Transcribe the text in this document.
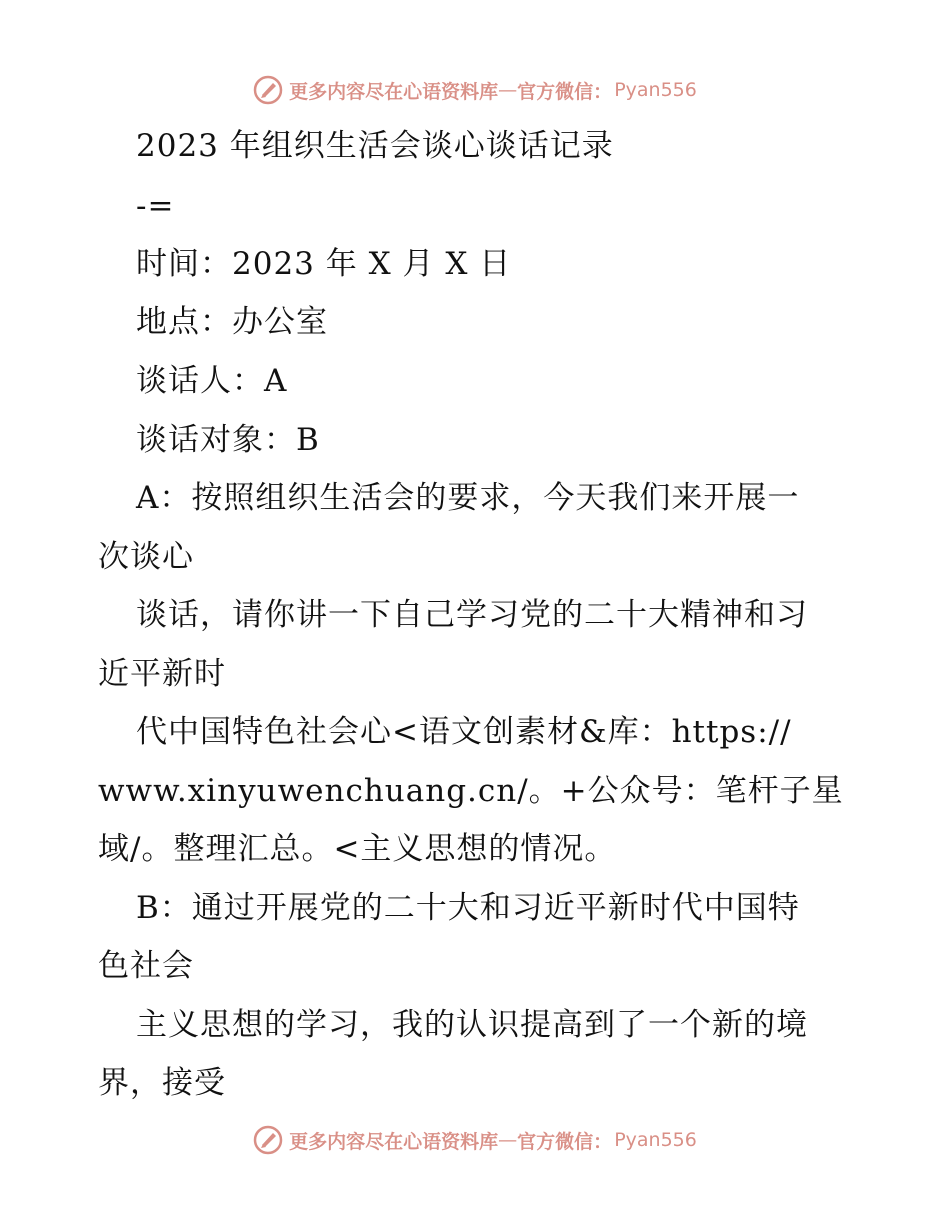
更多内容尽在心语资料库 — 官方微信： Pyan556
2023 年组织生活会谈心谈话记录
-=
时间：2023 年 X 月 X 日
地点：办公室
谈话人：A
谈话对象：B
A：按照组织生活会的要求，今天我们来开展一
次谈心
谈话，请你讲一下自己学习党的二十大精神和习
近平新时
代中国特色社会心<语文创素材&库：https://
www.xinyuwenchuang.cn/。+公众号：笔杆子星
域/。整理汇总。<主义思想的情况。
B：通过开展党的二十大和习近平新时代中国特
色社会
主义思想的学习，我的认识提高到了一个新的境
界，接受
更多内容尽在心语资料库 — 官方微信： Pyan556
